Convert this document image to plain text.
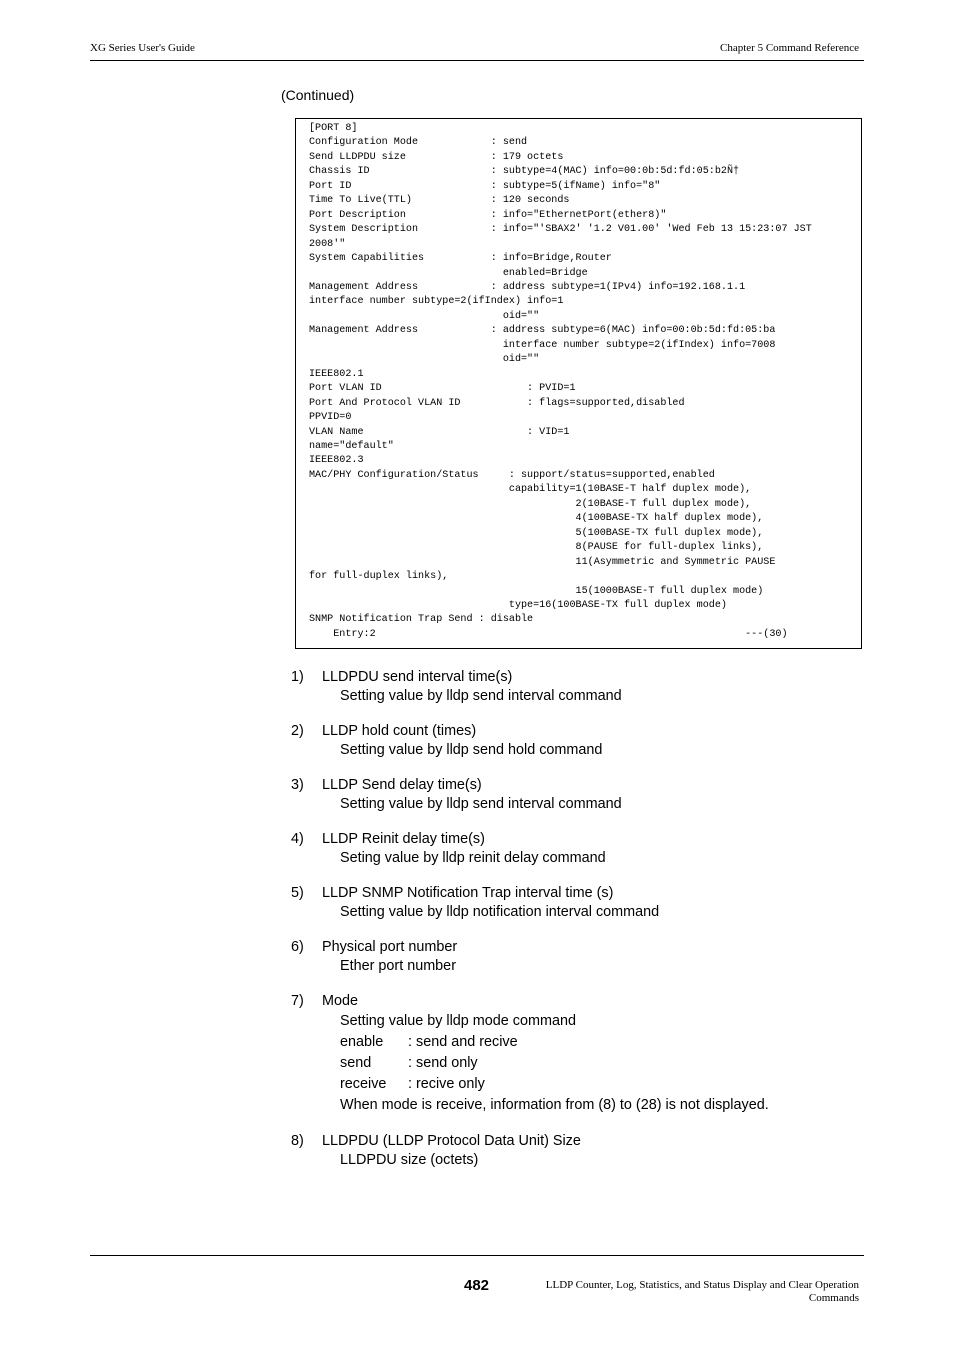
XG Series User's Guide	Chapter 5 Command Reference
(Continued)
[PORT 8]
Configuration Mode            : send
Send LLDPDU size              : 179 octets
Chassis ID                    : subtype=4(MAC) info=00:0b:5d:fd:05:b2Ñ†
Port ID                       : subtype=5(ifName) info="8"
Time To Live(TTL)             : 120 seconds
Port Description              : info="EthernetPort(ether8)"
System Description            : info="'SBAX2' '1.2 V01.00' 'Wed Feb 13 15:23:07 JST
2008'"
System Capabilities           : info=Bridge,Router
enabled=Bridge
Management Address            : address subtype=1(IPv4) info=192.168.1.1
interface number subtype=2(ifIndex) info=1
oid=""
Management Address            : address subtype=6(MAC) info=00:0b:5d:fd:05:ba
interface number subtype=2(ifIndex) info=7008
oid=""
IEEE802.1
Port VLAN ID                        : PVID=1
Port And Protocol VLAN ID           : flags=supported,disabled
PPVID=0
VLAN Name                           : VID=1
name="default"
IEEE802.3
MAC/PHY Configuration/Status     : support/status=supported,enabled
capability=1(10BASE-T half duplex mode),
2(10BASE-T full duplex mode),
4(100BASE-TX half duplex mode),
5(100BASE-TX full duplex mode),
8(PAUSE for full-duplex links),
11(Asymmetric and Symmetric PAUSE
for full-duplex links),
15(1000BASE-T full duplex mode)
type=16(100BASE-TX full duplex mode)
SNMP Notification Trap Send : disable
Entry:2                                                             ---(30)
1)	LLDPDU send interval time(s)
Setting value by lldp send interval command
2)	LLDP hold count (times)
Setting value by lldp send hold command
3)	LLDP Send delay time(s)
Setting value by lldp send interval command
4)	LLDP Reinit delay time(s)
Seting value by lldp reinit delay command
5)	LLDP SNMP Notification Trap interval time (s)
Setting value by lldp notification interval command
6)	Physical port number
Ether port number
7)	Mode
Setting value by lldp mode command
enable	: send and recive
send	: send only
receive	: recive only
When mode is receive, information from (8) to (28) is not displayed.
8)	LLDPDU (LLDP Protocol Data Unit) Size
LLDPDU size (octets)
482	LLDP Counter, Log, Statistics, and Status Display and Clear Operation
Commands
